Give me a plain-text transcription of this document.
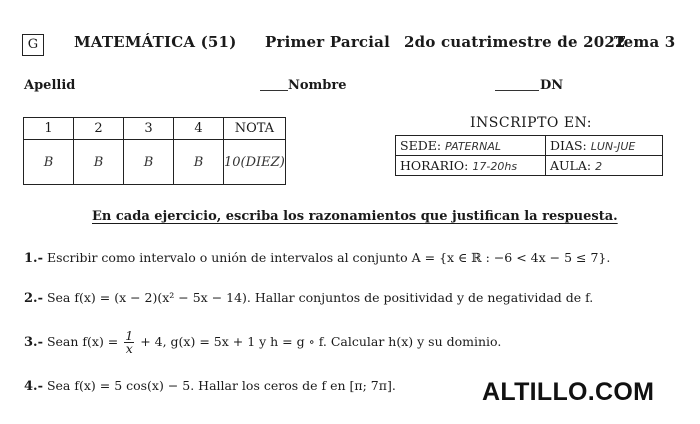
G	MATEMÁTICA (51) Primer Parcial 2do cuatrimestre de 2022
Tema 3
Apellid	Nombre	DN
1	2	3	4	NOTA
B	B	B	B	10(DIEZ)
INSCRIPTO EN:
SEDE: PATERNAL	DIAS: LUN-JUE
HORARIO: 17-20hs	AULA: 2
En cada ejercicio, escriba los razonamientos que justifican la respuesta.
1.- Escribir como intervalo o unión de intervalos al conjunto A = {x ∈ ℝ : −6 < 4x − 5 ≤ 7}.
2.- Sea f(x) = (x − 2)(x² − 5x − 14). Hallar conjuntos de positividad y de negatividad de f.
3.- Sean $f(x) = \frac{1}{x} + 4$, g(x) = 5x + 1 y h = g ∘ f. Calcular h(x) y su dominio.
4.- Sea f(x) = 5 cos(x) − 5. Hallar los ceros de f en [π; 7π].	ALTILLO.COM
